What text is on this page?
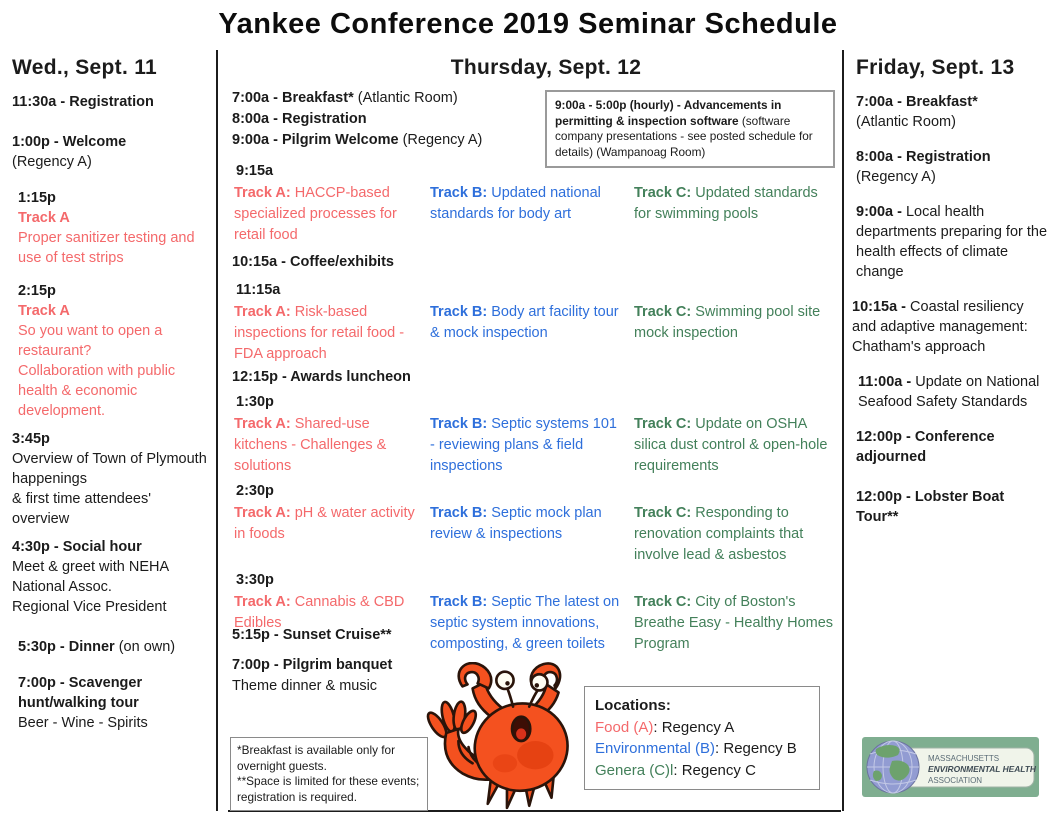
Yankee Conference 2019 Seminar Schedule
Wed., Sept. 11

11:30a - Registration

1:00p - Welcome

(Regency A)

1:15p

Track A

Proper sanitizer testing and use of test strips

2:15p

Track A

So you want to open a restaurant?

Collaboration with public health & economic development.

3:45p

Overview of Town of Plymouth happenings

& first time attendees' overview

4:30p - Social hour

Meet & greet with NEHA National Assoc.

Regional Vice President

5:30p - Dinner (on own)

7:00p - Scavenger hunt/walking tour

Beer - Wine - Spirits

Thursday, Sept. 12

7:00a - Breakfast* (Atlantic Room)

8:00a - Registration

9:00a - Pilgrim Welcome (Regency A)

9:15a

Track A: HACCP-based specialized processes for retail food

Track B: Updated national standards for body art

Track C: Updated standards for swimming pools

10:15a - Coffee/exhibits

11:15a

Track A: Risk-based inspections for retail food - FDA approach

Track B: Body art facility tour & mock inspection

Track C: Swimming pool site mock inspection

12:15p - Awards luncheon

1:30p

Track A: Shared-use kitchens - Challenges & solutions

Track B: Septic systems 101 - reviewing plans & field inspections

Track C: Update on OSHA silica dust control & open-hole requirements

2:30p

Track A: pH & water activity in foods

Track B: Septic mock plan review & inspections

Track C: Responding to renovation complaints that involve lead & asbestos

3:30p

Track A: Cannabis & CBD Edibles

Track B: Septic The latest on septic system innovations, composting, & green toilets

Track C: City of Boston's Breathe Easy - Healthy Homes Program

5:15p - Sunset Cruise**

7:00p - Pilgrim banquet

Theme dinner & music

9:00a - 5:00p (hourly) - Advancements in permitting & inspection software (software company presentations - see posted schedule for details) (Wampanoag Room)

*Breakfast is available only for overnight guests.

**Space is limited for these events; registration is required.

Locations:

Food (A): Regency A

Environmental (B): Regency B

Genera (C)l: Regency C

Friday, Sept. 13

7:00a - Breakfast*

(Atlantic Room)

8:00a - Registration

(Regency A)

9:00a - Local health departments preparing for the health effects of climate change

10:15a - Coastal resiliency and adaptive management: Chatham's approach

11:00a - Update on National Seafood Safety Standards

12:00p - Conference adjourned

12:00p - Lobster Boat Tour**

MASSACHUSETTS
ENVIRONMENTAL HEALTH
ASSOCIATION
